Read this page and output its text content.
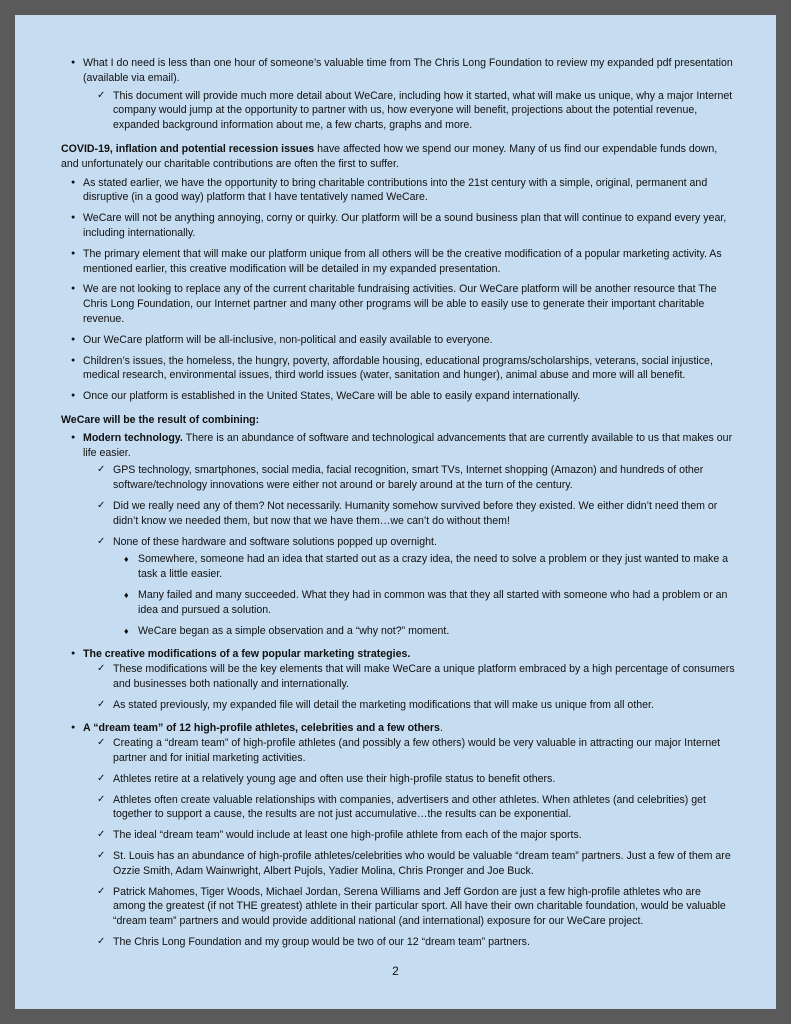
● What I do need is less than one hour of someone’s valuable time from The Chris Long Foundation to review my expanded pdf presentation (available via email).
✓ This document will provide much more detail about WeCare, including how it started, what will make us unique, why a major Internet company would jump at the opportunity to partner with us, how everyone will benefit, projections about the potential revenue, expanded background information about me, a few charts, graphs and more.

COVID-19, inflation and potential recession issues have affected how we spend our money. Many of us find our expendable funds down, and unfortunately our charitable contributions are often the first to suffer.

● As stated earlier, we have the opportunity to bring charitable contributions into the 21st century with a simple, original, permanent and disruptive (in a good way) platform that I have tentatively named WeCare.
● WeCare will not be anything annoying, corny or quirky. Our platform will be a sound business plan that will continue to expand every year, including internationally.
● The primary element that will make our platform unique from all others will be the creative modification of a popular marketing activity. As mentioned earlier, this creative modification will be detailed in my expanded presentation.
● We are not looking to replace any of the current charitable fundraising activities. Our WeCare platform will be another resource that The Chris Long Foundation, our Internet partner and many other programs will be able to easily use to generate their important charitable revenue.
● Our WeCare platform will be all-inclusive, non-political and easily available to everyone.
● Children’s issues, the homeless, the hungry, poverty, affordable housing, educational programs/scholarships, veterans, social injustice, medical research, environmental issues, third world issues (water, sanitation and hunger), animal abuse and more will all benefit.
● Once our platform is established in the United States, WeCare will be able to easily expand internationally.

WeCare will be the result of combining:

● Modern technology. There is an abundance of software and technological advancements that are currently available to us that makes our life easier.
✓ GPS technology, smartphones, social media, facial recognition, smart TVs, Internet shopping (Amazon) and hundreds of other software/technology innovations were either not around or barely around at the turn of the century.
✓ Did we really need any of them? Not necessarily. Humanity somehow survived before they existed. We either didn’t need them or didn’t know we needed them, but now that we have them…we can’t do without them!
✓ None of these hardware and software solutions popped up overnight.
♦ Somewhere, someone had an idea that started out as a crazy idea, the need to solve a problem or they just wanted to make a task a little easier.
♦ Many failed and many succeeded. What they had in common was that they all started with someone who had a problem or an idea and pursued a solution.
♦ WeCare began as a simple observation and a “why not?” moment.
● The creative modifications of a few popular marketing strategies.
✓ These modifications will be the key elements that will make WeCare a unique platform embraced by a high percentage of consumers and businesses both nationally and internationally.
✓ As stated previously, my expanded file will detail the marketing modifications that will make us unique from all other.
● A “dream team” of 12 high-profile athletes, celebrities and a few others.
✓ Creating a “dream team” of high-profile athletes (and possibly a few others) would be very valuable in attracting our major Internet partner and for initial marketing activities.
✓ Athletes retire at a relatively young age and often use their high-profile status to benefit others.
✓ Athletes often create valuable relationships with companies, advertisers and other athletes. When athletes (and celebrities) get together to support a cause, the results are not just accumulative…the results can be exponential.
✓ The ideal “dream team” would include at least one high-profile athlete from each of the major sports.
✓ St. Louis has an abundance of high-profile athletes/celebrities who would be valuable “dream team” partners. Just a few of them are Ozzie Smith, Adam Wainwright, Albert Pujols, Yadier Molina, Chris Pronger and Joe Buck.
✓ Patrick Mahomes, Tiger Woods, Michael Jordan, Serena Williams and Jeff Gordon are just a few high-profile athletes who are among the greatest (if not THE greatest) athlete in their particular sport. All have their own charitable foundation, would be valuable “dream team” partners and would provide additional national (and international) exposure for our WeCare project.
✓ The Chris Long Foundation and my group would be two of our 12 “dream team” partners.
2
